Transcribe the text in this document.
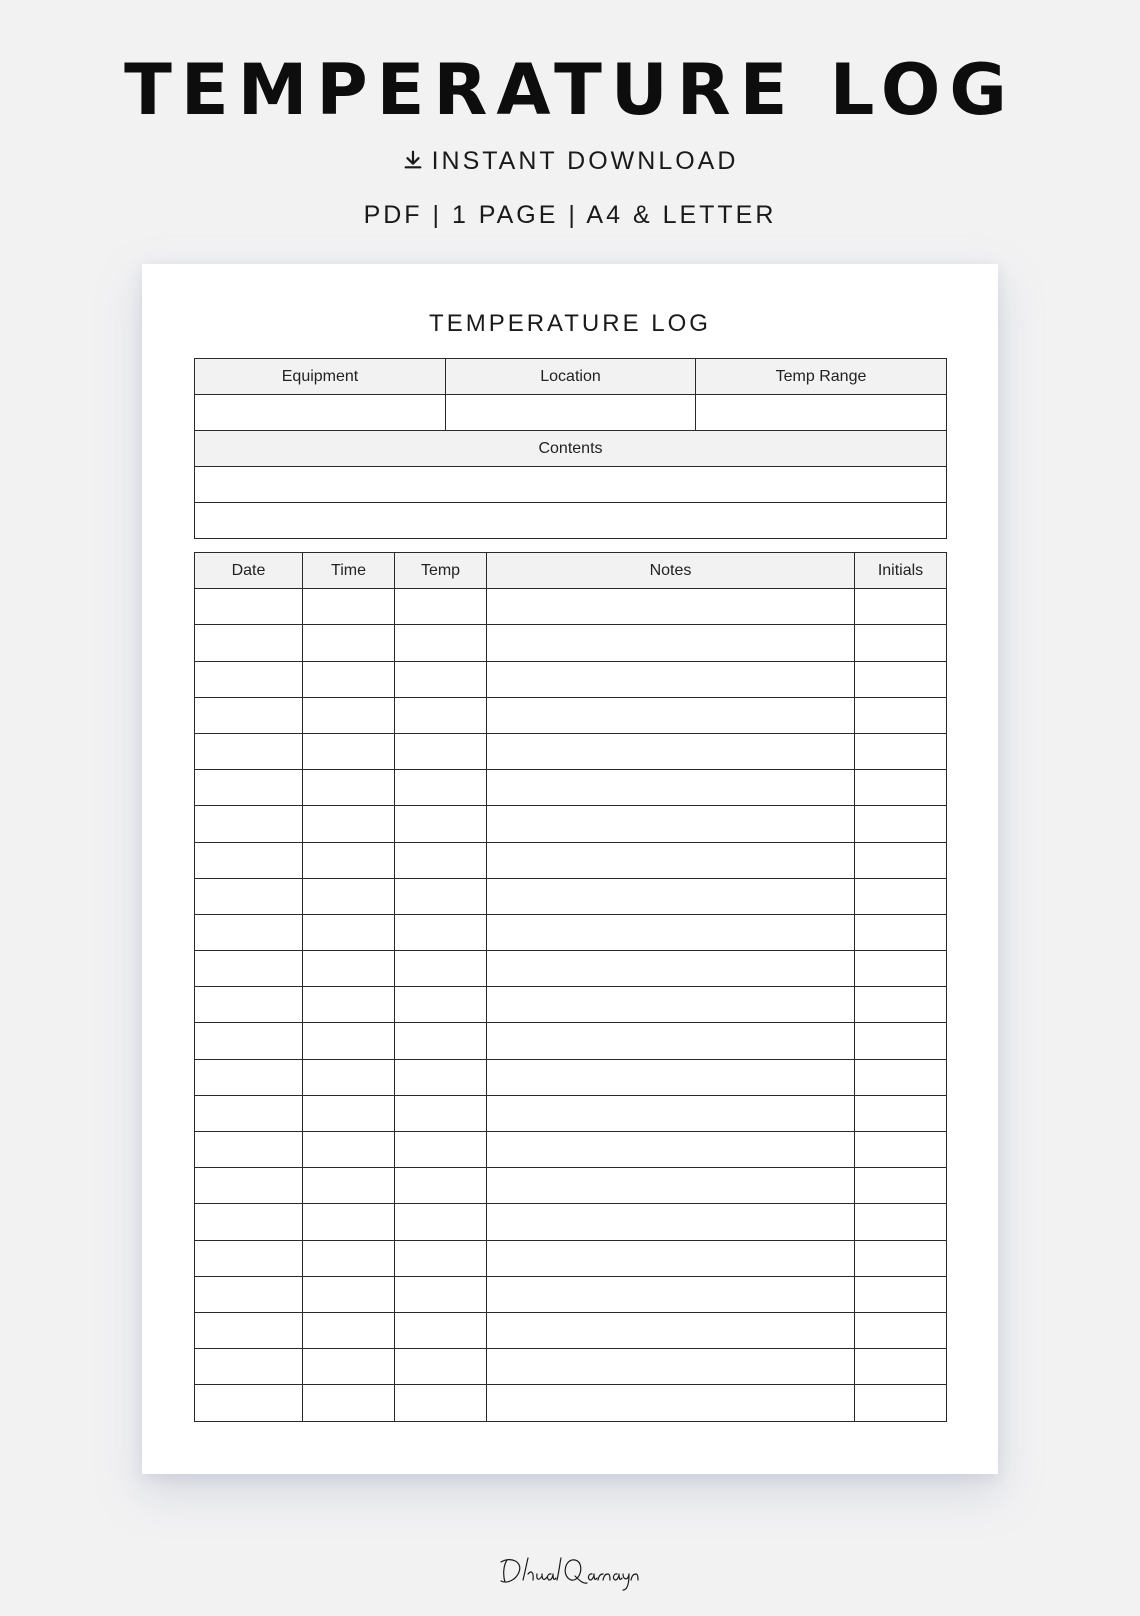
TEMPERATURE LOG
INSTANT DOWNLOAD
PDF | 1 PAGE | A4 & LETTER
TEMPERATURE LOG
Equipment	Location	Temp Range

Contents		

Date	Time	Temp	Notes	Initials
